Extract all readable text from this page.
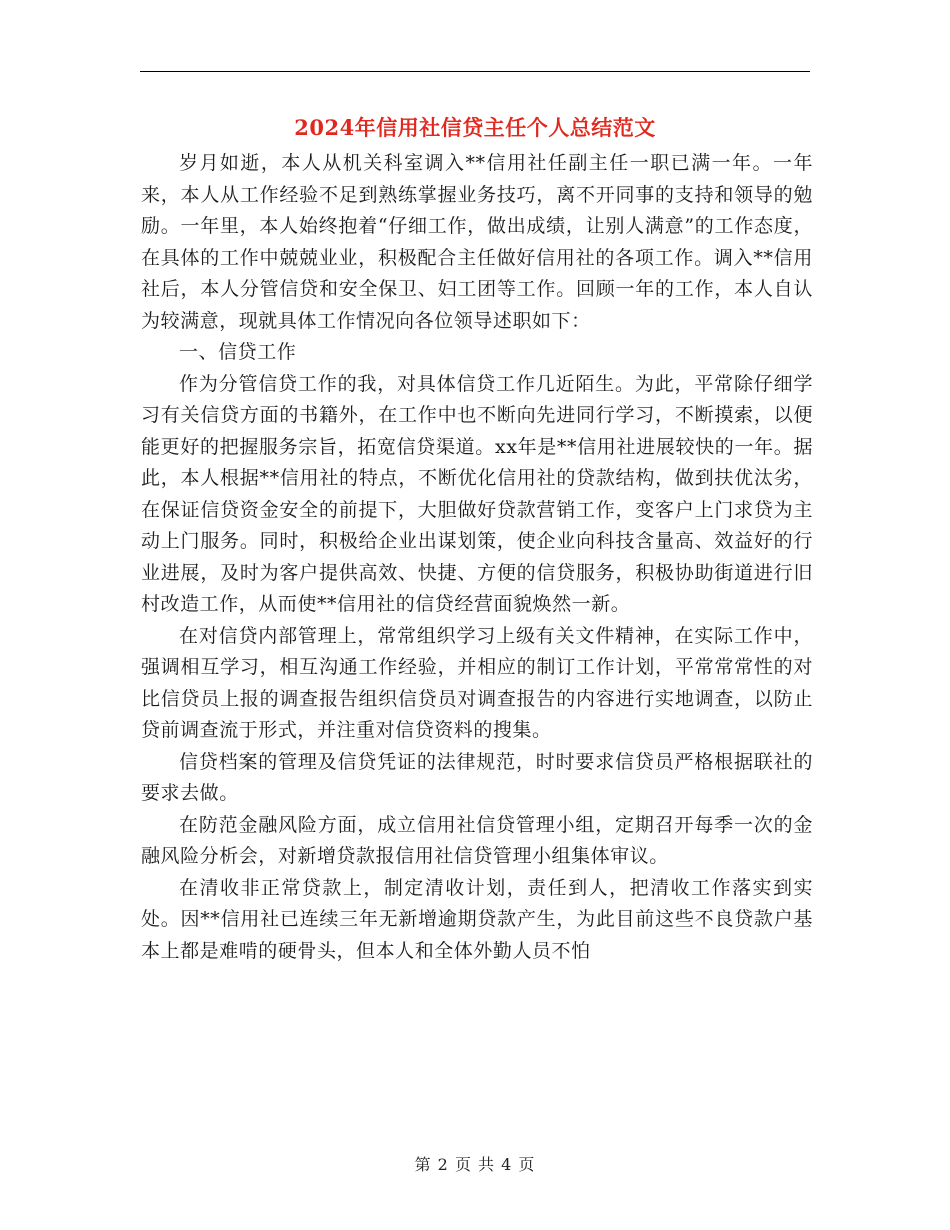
2024年信用社信贷主任个人总结范文

岁月如逝，本人从机关科室调入**信用社任副主任一职已满一年。一年来，本人从工作经验不足到熟练掌握业务技巧，离不开同事的支持和领导的勉励。一年里，本人始终抱着“仔细工作，做出成绩，让别人满意”的工作态度，在具体的工作中兢兢业业，积极配合主任做好信用社的各项工作。调入**信用社后，本人分管信贷和安全保卫、妇工团等工作。回顾一年的工作，本人自认为较满意，现就具体工作情况向各位领导述职如下：

一、信贷工作

作为分管信贷工作的我，对具体信贷工作几近陌生。为此，平常除仔细学习有关信贷方面的书籍外，在工作中也不断向先进同行学习，不断摸索，以便能更好的把握服务宗旨，拓宽信贷渠道。xx年是**信用社进展较快的一年。据此，本人根据**信用社的特点，不断优化信用社的贷款结构，做到扶优汰劣，在保证信贷资金安全的前提下，大胆做好贷款营销工作，变客户上门求贷为主动上门服务。同时，积极给企业出谋划策，使企业向科技含量高、效益好的行业进展，及时为客户提供高效、快捷、方便的信贷服务，积极协助街道进行旧村改造工作，从而使**信用社的信贷经营面貌焕然一新。

在对信贷内部管理上，常常组织学习上级有关文件精神，在实际工作中，强调相互学习，相互沟通工作经验，并相应的制订工作计划，平常常常性的对比信贷员上报的调查报告组织信贷员对调查报告的内容进行实地调查，以防止贷前调查流于形式，并注重对信贷资料的搜集。

信贷档案的管理及信贷凭证的法律规范，时时要求信贷员严格根据联社的要求去做。

在防范金融风险方面，成立信用社信贷管理小组，定期召开每季一次的金融风险分析会，对新增贷款报信用社信贷管理小组集体审议。

在清收非正常贷款上，制定清收计划，责任到人，把清收工作落实到实处。因**信用社已连续三年无新增逾期贷款产生，为此目前这些不良贷款户基本上都是难啃的硬骨头，但本人和全体外勤人员不怕

第 2 页 共 4 页
